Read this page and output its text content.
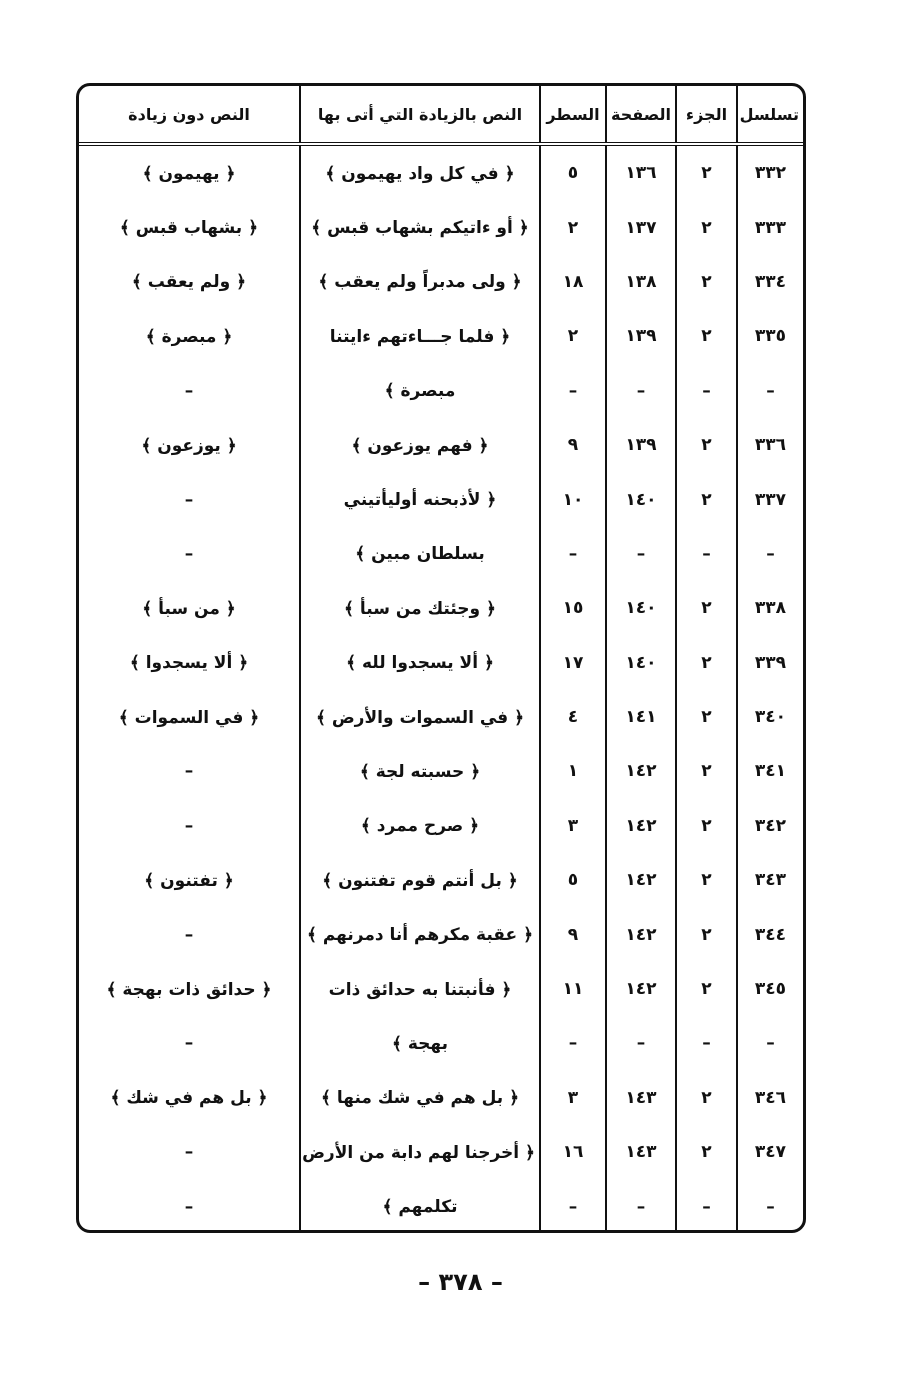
تسلسل	الجزء	الصفحة	السطر	النص بالزيادة التي أتى بها	النص دون زيادة
٣٣٢	٢	١٣٦	٥	﴿ في كل واد يهيمون ﴾	﴿ يهيمون ﴾
٣٣٣	٢	١٣٧	٢	﴿ أو ءاتيكم بشهاب قبس ﴾	﴿ بشهاب قبس ﴾
٣٣٤	٢	١٣٨	١٨	﴿ ولى مدبراً ولم يعقب ﴾	﴿ ولم يعقب ﴾
٣٣٥	٢	١٣٩	٢	﴿ فلما جـــاءتهم ءايتنا	﴿ مبصرة ﴾
–	–	–	–	مبصرة ﴾	–
٣٣٦	٢	١٣٩	٩	﴿ فهم يوزعون ﴾	﴿ يوزعون ﴾
٣٣٧	٢	١٤٠	١٠	﴿ لأذبحنه أوليأتيني	–
–	–	–	–	بسلطان مبين ﴾	–
٣٣٨	٢	١٤٠	١٥	﴿ وجئتك من سبأ ﴾	﴿ من سبأ ﴾
٣٣٩	٢	١٤٠	١٧	﴿ ألا يسجدوا لله ﴾	﴿ ألا يسجدوا ﴾
٣٤٠	٢	١٤١	٤	﴿ في السموات والأرض ﴾	﴿ في السموات ﴾
٣٤١	٢	١٤٢	١	﴿ حسبته لجة ﴾	–
٣٤٢	٢	١٤٢	٣	﴿ صرح ممرد ﴾	–
٣٤٣	٢	١٤٢	٥	﴿ بل أنتم قوم تفتنون ﴾	﴿ تفتنون ﴾
٣٤٤	٢	١٤٢	٩	﴿ عقبة مكرهم أنا دمرنهم ﴾	–
٣٤٥	٢	١٤٢	١١	﴿ فأنبتنا به حدائق ذات	﴿ حدائق ذات بهجة ﴾
–	–	–	–	بهجة ﴾	–
٣٤٦	٢	١٤٣	٣	﴿ بل هم في شك منها ﴾	﴿ بل هم في شك ﴾
٣٤٧	٢	١٤٣	١٦	﴿ أخرجنا لهم دابة من الأرض	–
–	–	–	–	تكلمهم ﴾	–
– ٣٧٨ –
